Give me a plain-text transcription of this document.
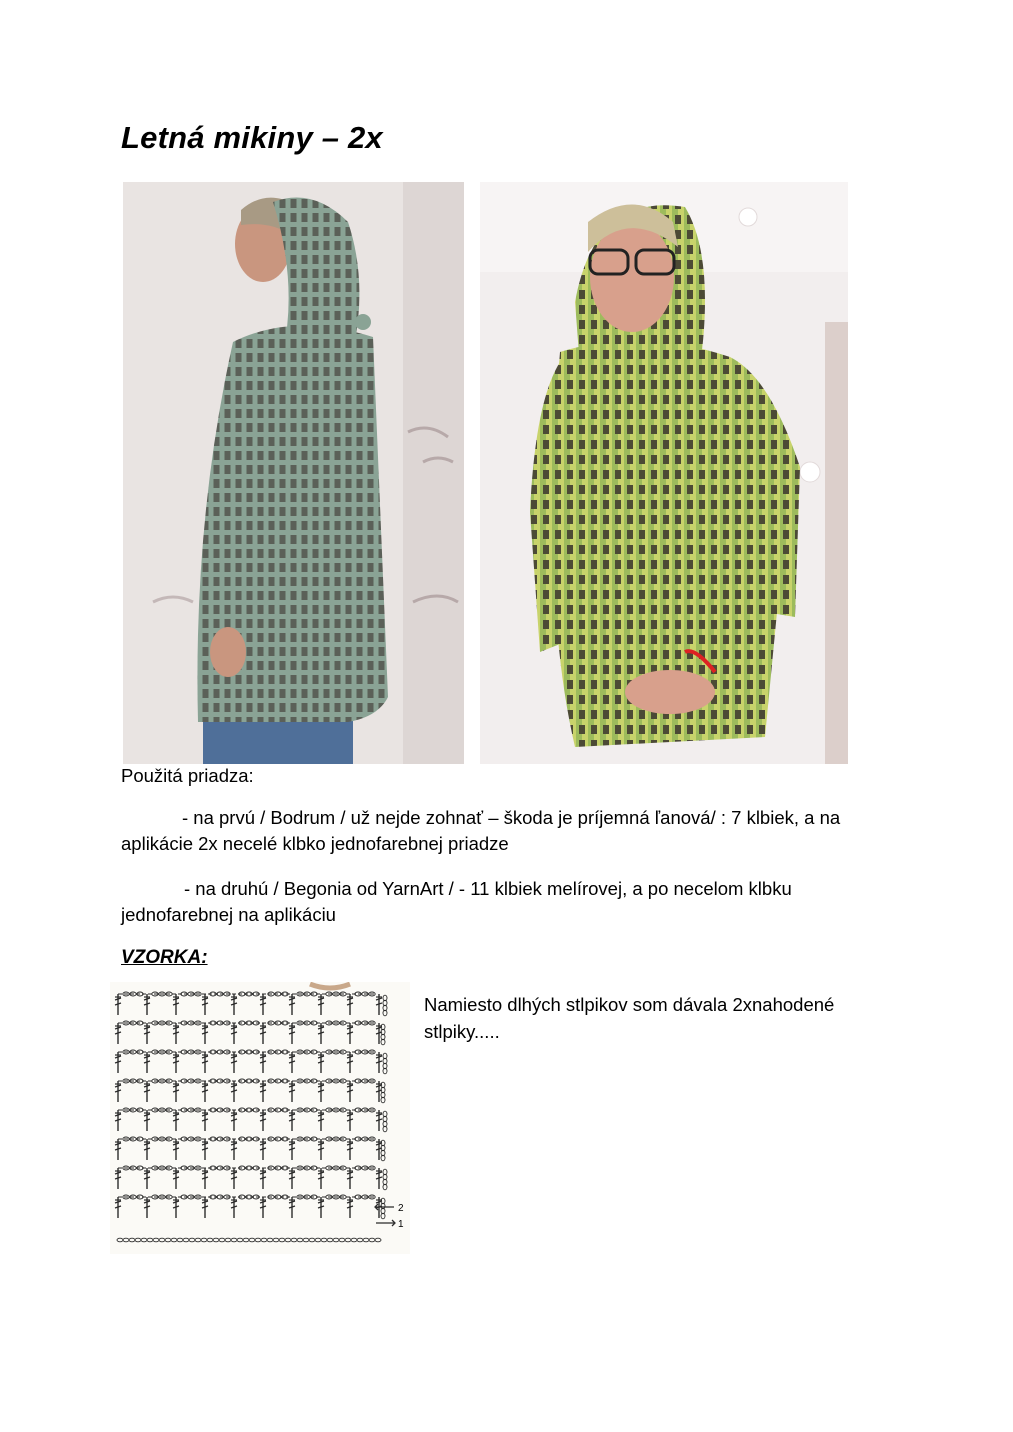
Letná mikiny – 2x

Použitá priadza:

- na prvú / Bodrum / už nejde zohnať – škoda je príjemná ľanová/ : 7 klbiek, a na aplikácie 2x necelé klbko jednofarebnej priadze

- na druhú / Begonia od YarnArt / - 11 klbiek melírovej, a po necelom klbku jednofarebnej na aplikáciu

VZORKA:

2
1

Namiesto dlhých stlpikov som dávala 2xnahodené stlpiky.....
